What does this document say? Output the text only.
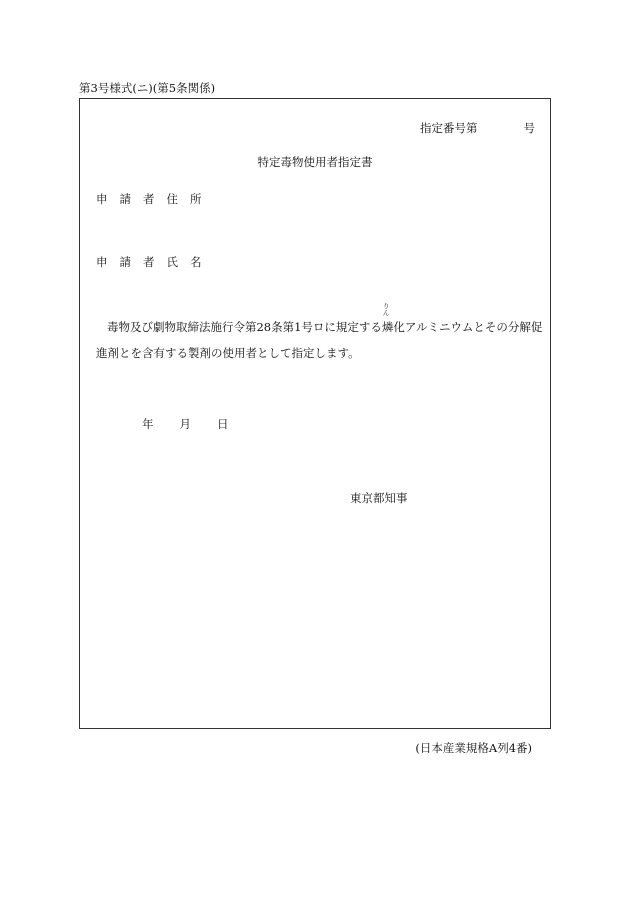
第3号様式(ニ)(第5条関係)
指定番号第	号
特定毒物使用者指定書
申 請 者 住 所
申 請 者 氏 名
毒物及び劇物取締法施行令第28条第1号ロに規定する
りん
燐化アルミニウムとその分解促進剤とを含有する製剤の使用者として指定します。
年 月 日
東京都知事
(日本産業規格A列4番)
